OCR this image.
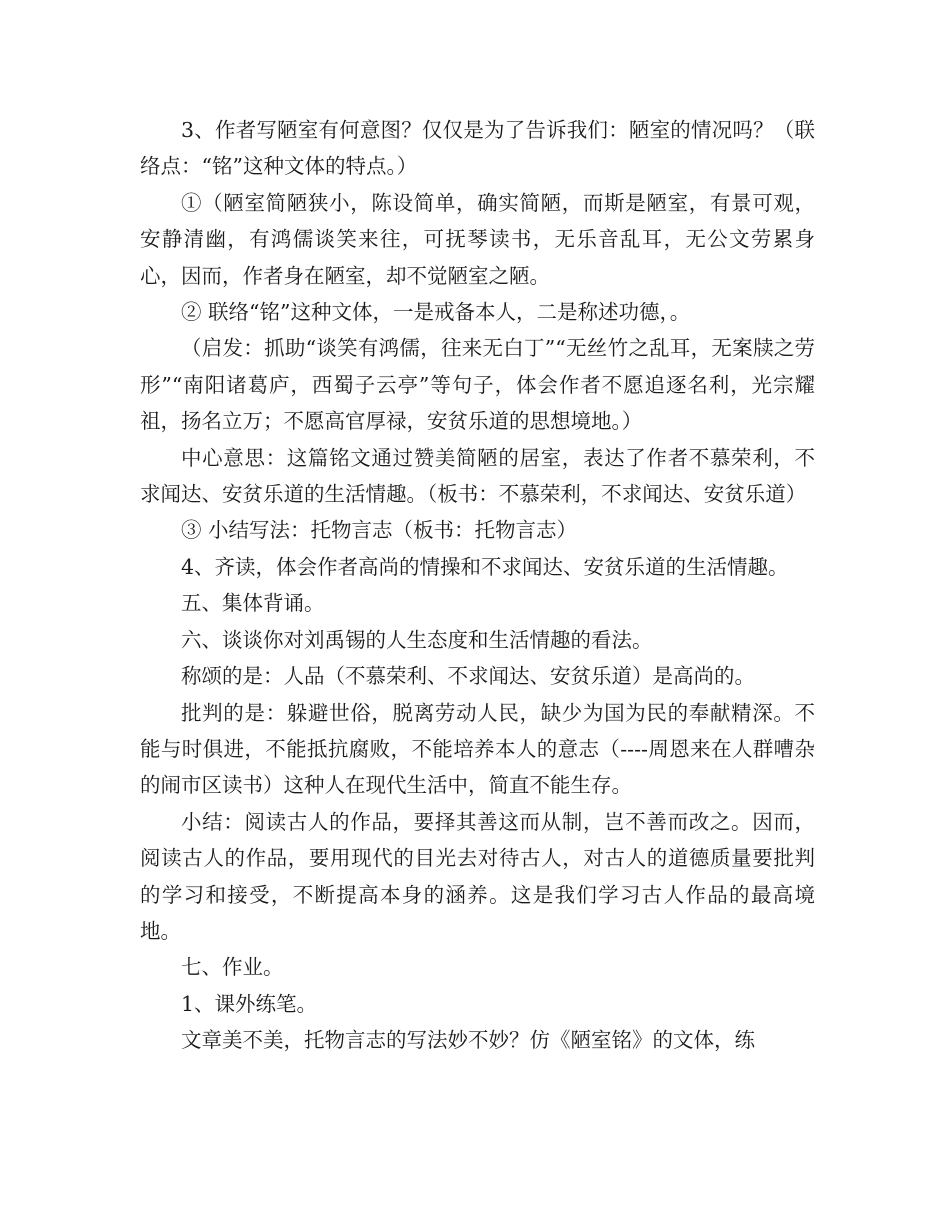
3、作者写陋室有何意图？仅仅是为了告诉我们：陋室的情况吗？（联络点：“铭”这种文体的特点。）

①（陋室简陋狭小，陈设简单，确实简陋，而斯是陋室，有景可观，安静清幽，有鸿儒谈笑来往，可抚琴读书，无乐音乱耳，无公文劳累身心，因而，作者身在陋室，却不觉陋室之陋。

② 联络“铭”这种文体，一是戒备本人，二是称述功德，。

（启发：抓助“谈笑有鸿儒，往来无白丁”“无丝竹之乱耳，无案牍之劳形”“南阳诸葛庐，西蜀子云亭”等句子，体会作者不愿追逐名利，光宗耀祖，扬名立万；不愿高官厚禄，安贫乐道的思想境地。）

中心意思：这篇铭文通过赞美简陋的居室，表达了作者不慕荣利，不求闻达、安贫乐道的生活情趣。（板书：不慕荣利，不求闻达、安贫乐道）

③ 小结写法：托物言志（板书：托物言志）

4、齐读，体会作者高尚的情操和不求闻达、安贫乐道的生活情趣。

五、集体背诵。

六、谈谈你对刘禹锡的人生态度和生活情趣的看法。

称颂的是：人品（不慕荣利、不求闻达、安贫乐道）是高尚的。

批判的是：躲避世俗，脱离劳动人民，缺少为国为民的奉献精深。不能与时俱进，不能抵抗腐败，不能培养本人的意志（----周恩来在人群嘈杂的闹市区读书）这种人在现代生活中，简直不能生存。

小结：阅读古人的作品，要择其善这而从制，岂不善而改之。因而，阅读古人的作品，要用现代的目光去对待古人，对古人的道德质量要批判的学习和接受，不断提高本身的涵养。这是我们学习古人作品的最高境地。

七、作业。

1、课外练笔。

文章美不美，托物言志的写法妙不妙？仿《陋室铭》的文体，练
